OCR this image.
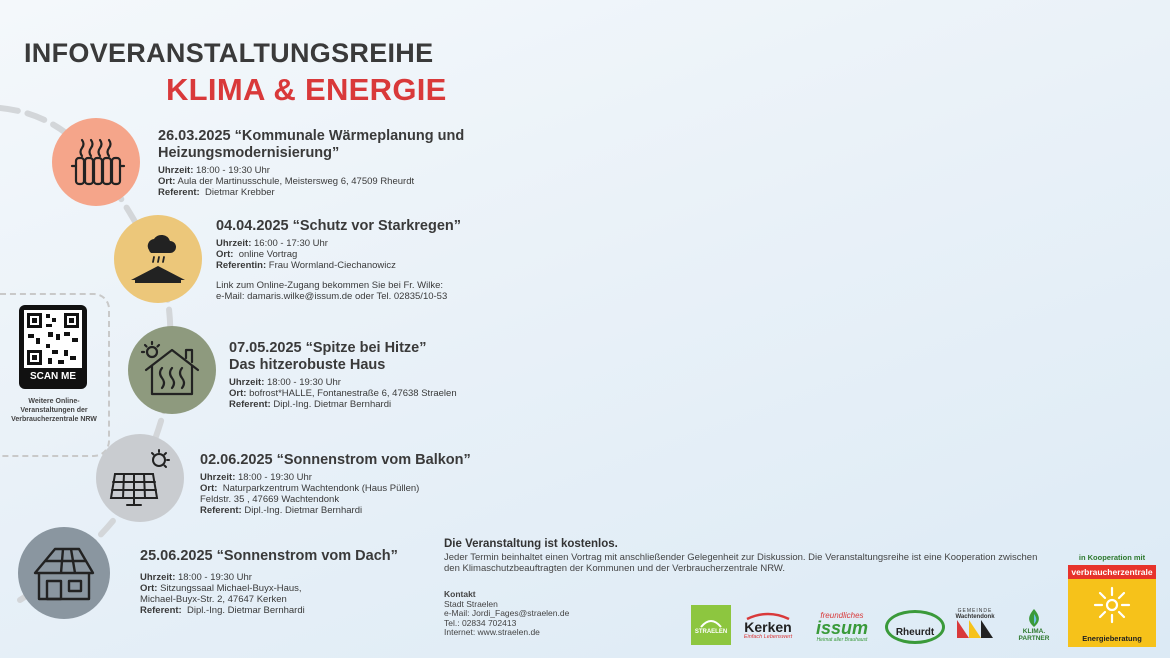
INFOVERANSTALTUNGSREIHE
KLIMA & ENERGIE
26.03.2025 “Kommunale Wärmeplanung und Heizungsmodernisierung”
Uhrzeit: 18:00 - 19:30 Uhr
Ort: Aula der Martinusschule, Meistersweg 6, 47509 Rheurdt
Referent: Dietmar Krebber
04.04.2025 “Schutz vor Starkregen”
Uhrzeit: 16:00 - 17:30 Uhr
Ort: online Vortrag
Referentin: Frau Wormland-Ciechanowicz
Link zum Online-Zugang bekommen Sie bei Fr. Wilke:
e-Mail: damaris.wilke@issum.de oder Tel. 02835/10-53
SCAN ME
Weitere Online-Veranstaltungen der Verbraucherzentrale NRW
07.05.2025 “Spitze bei Hitze”
Das hitzerobuste Haus
Uhrzeit: 18:00 - 19:30 Uhr
Ort: bofrost*HALLE, Fontanestraße 6, 47638 Straelen
Referent: Dipl.-Ing. Dietmar Bernhardi
02.06.2025 “Sonnenstrom vom Balkon”
Uhrzeit: 18:00 - 19:30 Uhr
Ort: Naturparkzentrum Wachtendonk (Haus Püllen)
Feldstr. 35 , 47669 Wachtendonk
Referent: Dipl.-Ing. Dietmar Bernhardi
25.06.2025 “Sonnenstrom vom Dach”
Uhrzeit: 18:00 - 19:30 Uhr
Ort: Sitzungssaal Michael-Buyx-Haus,
Michael-Buyx-Str. 2, 47647 Kerken
Referent: Dipl.-Ing. Dietmar Bernhardi
Die Veranstaltung ist kostenlos.
Jeder Termin beinhaltet einen Vortrag mit anschließender Gelegenheit zur Diskussion. Die Veranstaltungsreihe ist eine Kooperation zwischen den Klimaschutzbeauftragten der Kommunen und der Verbraucherzentrale NRW.
Kontakt
Stadt Straelen
e-Mail: Jordi_Fages@straelen.de
Tel.: 02834 702413
Internet: www.straelen.de	STRAELEN Kerken
Einfach Lebenswert
freundliches
issum
Heimat aller Brauhaust
Rheurdt
GEMEINDE
Wachtendonk
KLIMA.
PARTNER
in Kooperation mit
verbraucherzentrale
Energieberatung
